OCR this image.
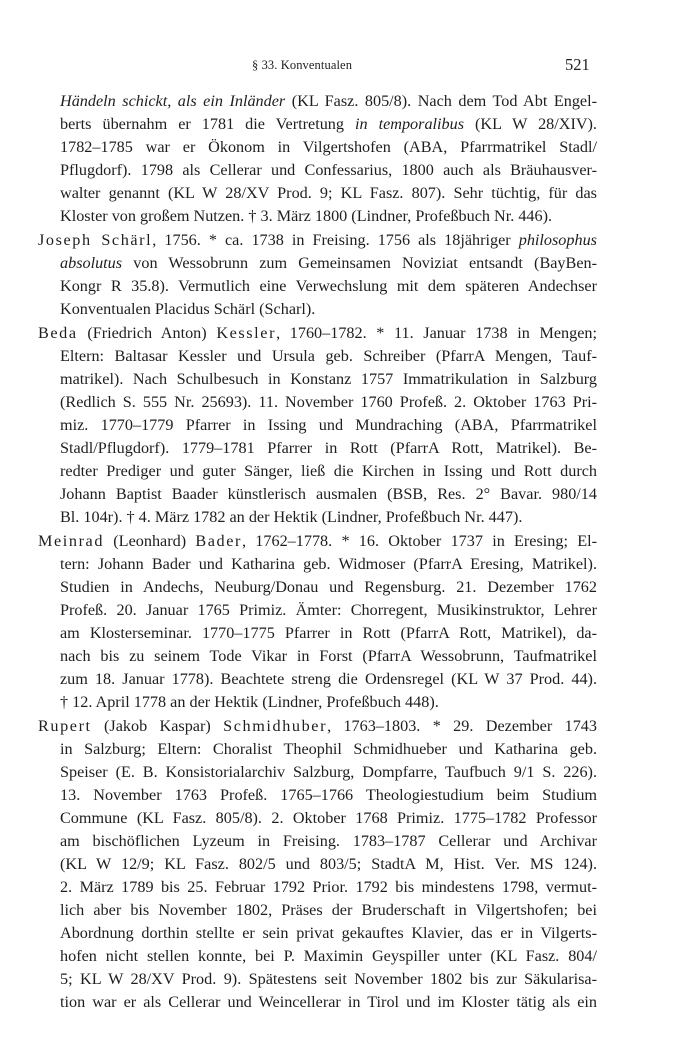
§ 33. Konventualen	521
Händeln schickt, als ein Inländer (KL Fasz. 805/8). Nach dem Tod Abt Engel-
berts übernahm er 1781 die Vertretung in temporalibus (KL W 28/XIV).
1782–1785 war er Ökonom in Vilgertshofen (ABA, Pfarrmatrikel Stadl/
Pflugdorf). 1798 als Cellerar und Confessarius, 1800 auch als Bräuhausver-
walter genannt (KL W 28/XV Prod. 9; KL Fasz. 807). Sehr tüchtig, für das
Kloster von großem Nutzen. † 3. März 1800 (Lindner, Profeßbuch Nr. 446).
Joseph Schärl, 1756. * ca. 1738 in Freising. 1756 als 18jähriger philosophus
absolutus von Wessobrunn zum Gemeinsamen Noviziat entsandt (BayBen-
Kongr R 35.8). Vermutlich eine Verwechslung mit dem späteren Andechser
Konventualen Placidus Schärl (Scharl).
Beda (Friedrich Anton) Kessler, 1760–1782. * 11. Januar 1738 in Mengen;
Eltern: Baltasar Kessler und Ursula geb. Schreiber (PfarrA Mengen, Tauf-
matrikel). Nach Schulbesuch in Konstanz 1757 Immatrikulation in Salzburg
(Redlich S. 555 Nr. 25693). 11. November 1760 Profeß. 2. Oktober 1763 Pri-
miz. 1770–1779 Pfarrer in Issing und Mundraching (ABA, Pfarrmatrikel
Stadl/Pflugdorf). 1779–1781 Pfarrer in Rott (PfarrA Rott, Matrikel). Be-
redter Prediger und guter Sänger, ließ die Kirchen in Issing und Rott durch
Johann Baptist Baader künstlerisch ausmalen (BSB, Res. 2° Bavar. 980/14
Bl. 104r). † 4. März 1782 an der Hektik (Lindner, Profeßbuch Nr. 447).
Meinrad (Leonhard) Bader, 1762–1778. * 16. Oktober 1737 in Eresing; El-
tern: Johann Bader und Katharina geb. Widmoser (PfarrA Eresing, Matrikel).
Studien in Andechs, Neuburg/Donau und Regensburg. 21. Dezember 1762
Profeß. 20. Januar 1765 Primiz. Ämter: Chorregent, Musikinstruktor, Lehrer
am Klosterseminar. 1770–1775 Pfarrer in Rott (PfarrA Rott, Matrikel), da-
nach bis zu seinem Tode Vikar in Forst (PfarrA Wessobrunn, Taufmatrikel
zum 18. Januar 1778). Beachtete streng die Ordensregel (KL W 37 Prod. 44).
† 12. April 1778 an der Hektik (Lindner, Profeßbuch 448).
Rupert (Jakob Kaspar) Schmidhuber, 1763–1803. * 29. Dezember 1743
in Salzburg; Eltern: Choralist Theophil Schmidhueber und Katharina geb.
Speiser (E. B. Konsistorialarchiv Salzburg, Dompfarre, Taufbuch 9/1 S. 226).
13. November 1763 Profeß. 1765–1766 Theologiestudium beim Studium
Commune (KL Fasz. 805/8). 2. Oktober 1768 Primiz. 1775–1782 Professor
am bischöflichen Lyzeum in Freising. 1783–1787 Cellerar und Archivar
(KL W 12/9; KL Fasz. 802/5 und 803/5; StadtA M, Hist. Ver. MS 124).
2. März 1789 bis 25. Februar 1792 Prior. 1792 bis mindestens 1798, vermut-
lich aber bis November 1802, Präses der Bruderschaft in Vilgertshofen; bei
Abordnung dorthin stellte er sein privat gekauftes Klavier, das er in Vilgerts-
hofen nicht stellen konnte, bei P. Maximin Geyspiller unter (KL Fasz. 804/
5; KL W 28/XV Prod. 9). Spätestens seit November 1802 bis zur Säkularisa-
tion war er als Cellerar und Weincellerar in Tirol und im Kloster tätig als ein
